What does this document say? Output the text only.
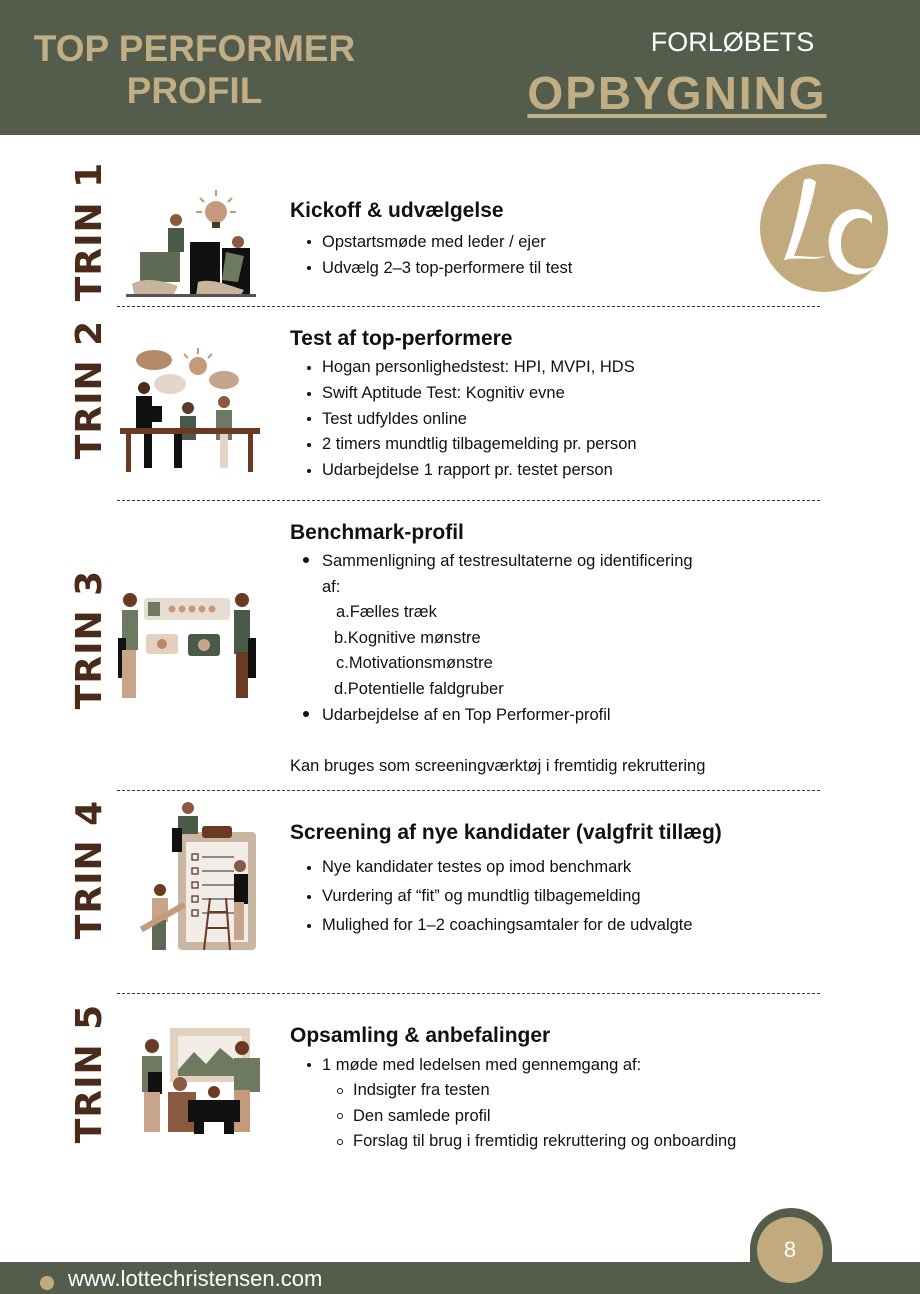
TOP PERFORMER
PROFIL
FORLØBETS
OPBYGNING
TRIN 1	Kickoff & udvælgelse
Opstartsmøde med leder / ejer
Udvælg 2–3 top-performere til test
TRIN 2	Test af top-performere
Hogan personlighedstest: HPI, MVPI, HDS
Swift Aptitude Test: Kognitiv evne
Test udfyldes online
2 timers mundtlig tilbagemelding pr. person
Udarbejdelse 1 rapport pr. testet person
TRIN 3
Benchmark-profil
Sammenligning af testresultaterne og identificering
af:
a.Fælles træk
b.Kognitive mønstre
c.Motivationsmønstre
d.Potentielle faldgruber
Udarbejdelse af en Top Performer-profil
Kan bruges som screeningværktøj i fremtidig rekruttering
TRIN 4	Screening af nye kandidater (valgfrit tillæg)
Nye kandidater testes op imod benchmark
Vurdering af “fit” og mundtlig tilbagemelding
Mulighed for 1–2 coachingsamtaler for de udvalgte
TRIN 5	Opsamling & anbefalinger
1 møde med ledelsen med gennemgang af:
Indsigter fra testen
Den samlede profil
Forslag til brug i fremtidig rekruttering og onboarding
www.lottechristensen.com
8
